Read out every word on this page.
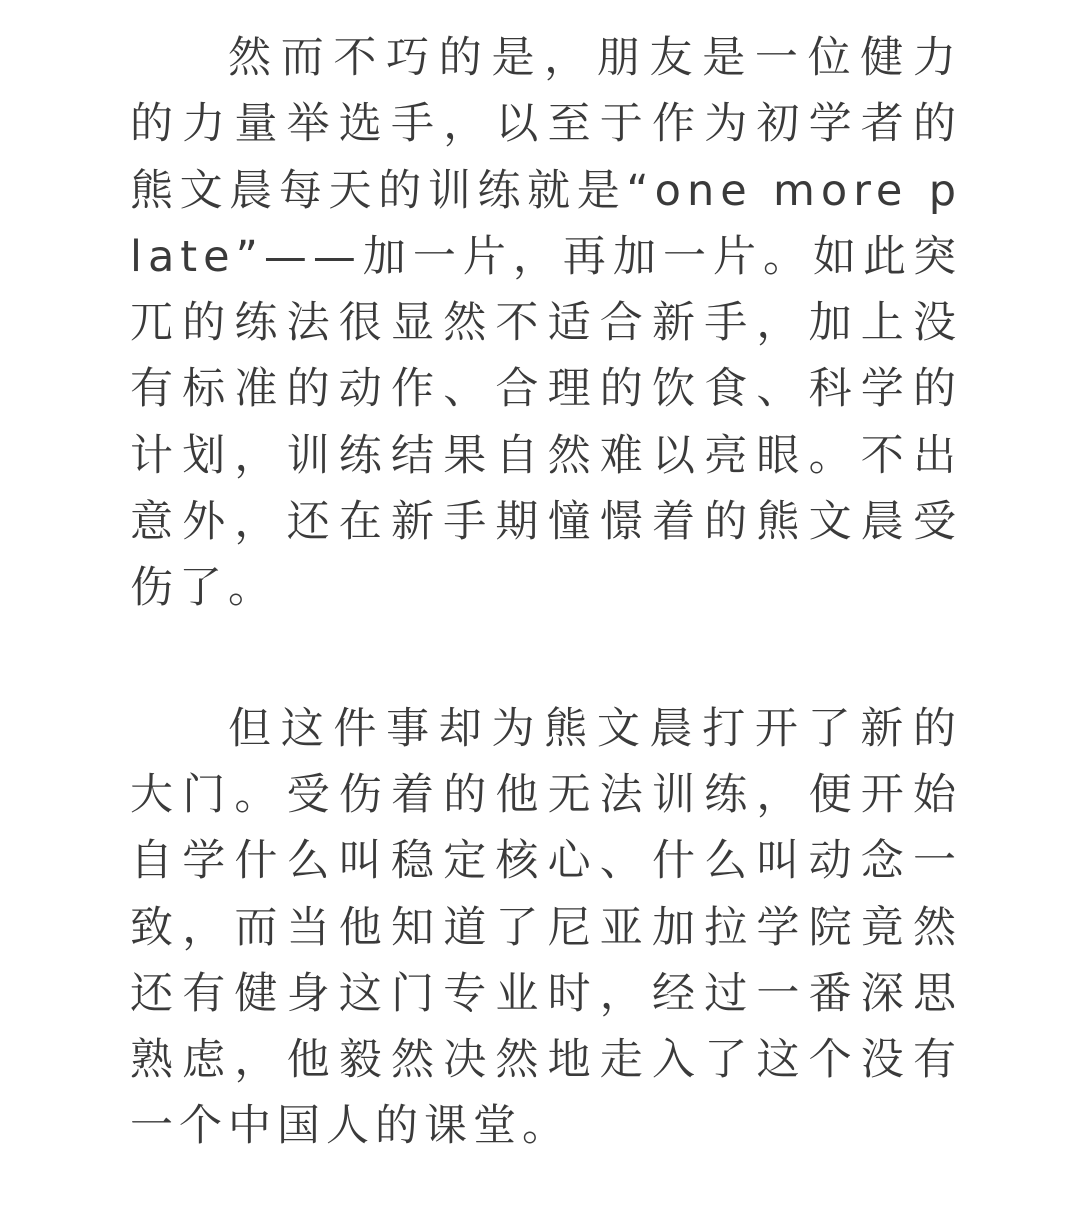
然而不巧的是，朋友是一位健力的力量举选手，以至于作为初学者的熊文晨每天的训练就是“one more plate”——加一片，再加一片。如此突兀的练法很显然不适合新手，加上没有标准的动作、合理的饮食、科学的计划，训练结果自然难以亮眼。不出意外，还在新手期憧憬着的熊文晨受伤了。

但这件事却为熊文晨打开了新的大门。受伤着的他无法训练，便开始自学什么叫稳定核心、什么叫动念一致，而当他知道了尼亚加拉学院竟然还有健身这门专业时，经过一番深思熟虑，他毅然决然地走入了这个没有一个中国人的课堂。
